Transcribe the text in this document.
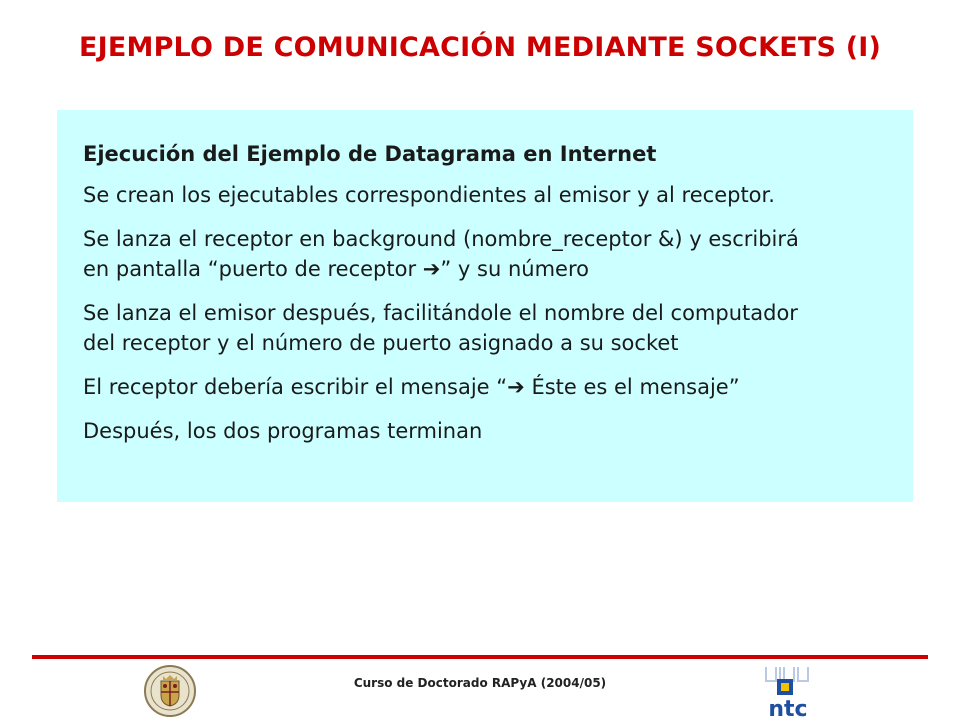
EJEMPLO DE COMUNICACIÓN MEDIANTE SOCKETS (I)

Ejecución del Ejemplo de Datagrama en Internet

Se crean los ejecutables correspondientes al emisor y al receptor.

Se lanza el receptor en background (nombre_receptor &) y escribirá
en pantalla “puerto de receptor ➔” y su número

Se lanza el emisor después, facilitándole el nombre del computador
del receptor y el número de puerto asignado a su socket

El receptor debería escribir el mensaje “➔ Éste es el mensaje”

Después, los dos programas terminan

Curso de Doctorado RAPyA (2004/05)

ntc
